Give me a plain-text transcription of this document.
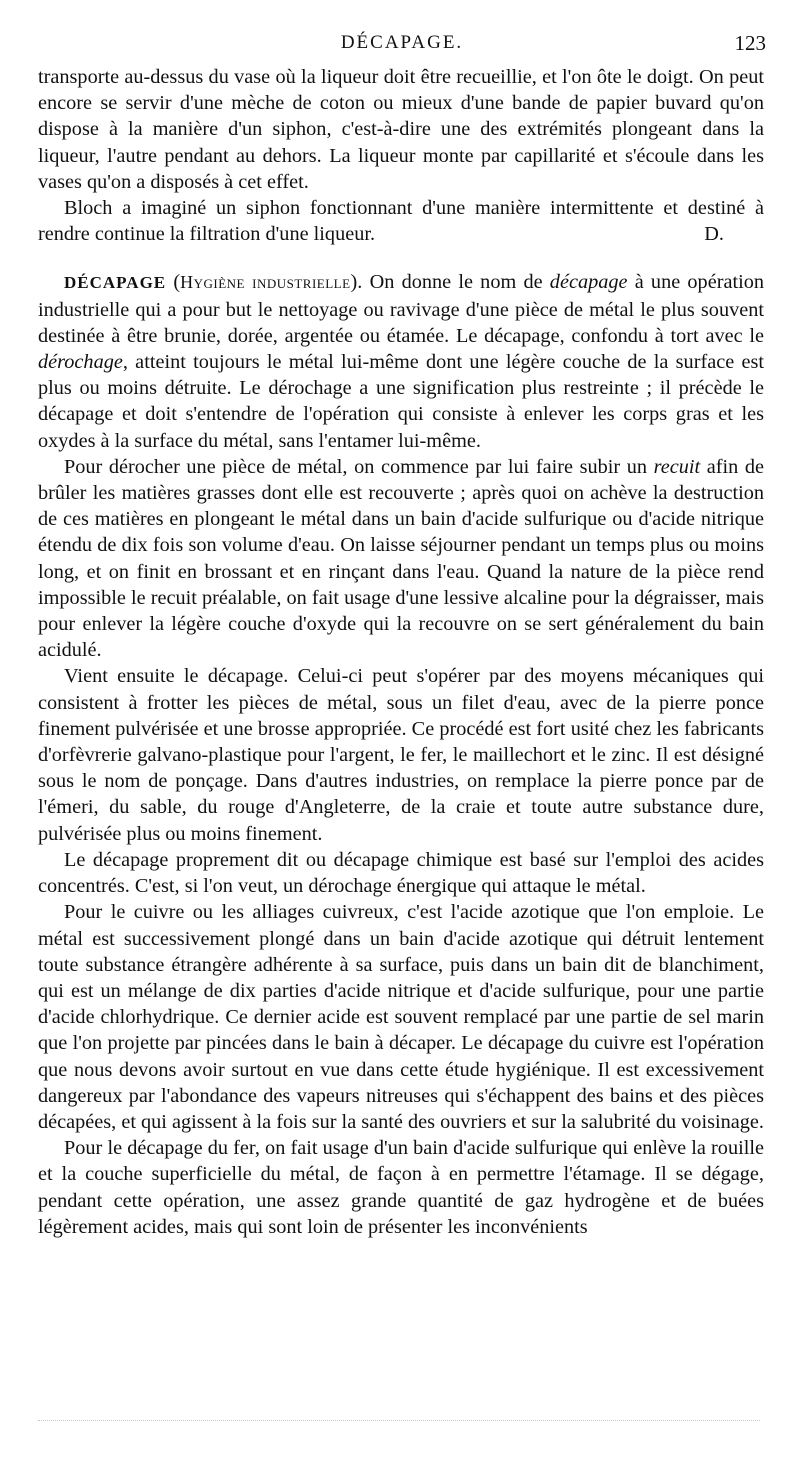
DÉCAPAGE.	123

transporte au-dessus du vase où la liqueur doit être recueillie, et l'on ôte le doigt. On peut encore se servir d'une mèche de coton ou mieux d'une bande de papier buvard qu'on dispose à la manière d'un siphon, c'est-à-dire une des extrémités plongeant dans la liqueur, l'autre pendant au dehors. La liqueur monte par capillarité et s'écoule dans les vases qu'on a disposés à cet effet.

Bloch a imaginé un siphon fonctionnant d'une manière intermittente et destiné à rendre continue la filtration d'une liqueur.	D.

DÉCAPAGE (Hygiène industrielle). On donne le nom de décapage à une opération industrielle qui a pour but le nettoyage ou ravivage d'une pièce de métal le plus souvent destinée à être brunie, dorée, argentée ou étamée. Le décapage, confondu à tort avec le dérochage, atteint toujours le métal lui-même dont une légère couche de la surface est plus ou moins détruite. Le dérochage a une signification plus restreinte ; il précède le décapage et doit s'entendre de l'opération qui consiste à enlever les corps gras et les oxydes à la surface du métal, sans l'entamer lui-même.

Pour dérocher une pièce de métal, on commence par lui faire subir un recuit afin de brûler les matières grasses dont elle est recouverte ; après quoi on achève la destruction de ces matières en plongeant le métal dans un bain d'acide sulfurique ou d'acide nitrique étendu de dix fois son volume d'eau. On laisse séjourner pendant un temps plus ou moins long, et on finit en brossant et en rinçant dans l'eau. Quand la nature de la pièce rend impossible le recuit préalable, on fait usage d'une lessive alcaline pour la dégraisser, mais pour enlever la légère couche d'oxyde qui la recouvre on se sert généralement du bain acidulé.

Vient ensuite le décapage. Celui-ci peut s'opérer par des moyens mécaniques qui consistent à frotter les pièces de métal, sous un filet d'eau, avec de la pierre ponce finement pulvérisée et une brosse appropriée. Ce procédé est fort usité chez les fabricants d'orfèvrerie galvano-plastique pour l'argent, le fer, le maillechort et le zinc. Il est désigné sous le nom de ponçage. Dans d'autres industries, on remplace la pierre ponce par de l'émeri, du sable, du rouge d'Angleterre, de la craie et toute autre substance dure, pulvérisée plus ou moins finement.

Le décapage proprement dit ou décapage chimique est basé sur l'emploi des acides concentrés. C'est, si l'on veut, un dérochage énergique qui attaque le métal.

Pour le cuivre ou les alliages cuivreux, c'est l'acide azotique que l'on emploie. Le métal est successivement plongé dans un bain d'acide azotique qui détruit lentement toute substance étrangère adhérente à sa surface, puis dans un bain dit de blanchiment, qui est un mélange de dix parties d'acide nitrique et d'acide sulfurique, pour une partie d'acide chlorhydrique. Ce dernier acide est souvent remplacé par une partie de sel marin que l'on projette par pincées dans le bain à décaper. Le décapage du cuivre est l'opération que nous devons avoir surtout en vue dans cette étude hygiénique. Il est excessivement dangereux par l'abondance des vapeurs nitreuses qui s'échappent des bains et des pièces décapées, et qui agissent à la fois sur la santé des ouvriers et sur la salubrité du voisinage.

Pour le décapage du fer, on fait usage d'un bain d'acide sulfurique qui enlève la rouille et la couche superficielle du métal, de façon à en permettre l'étamage. Il se dégage, pendant cette opération, une assez grande quantité de gaz hydrogène et de buées légèrement acides, mais qui sont loin de présenter les inconvénients
